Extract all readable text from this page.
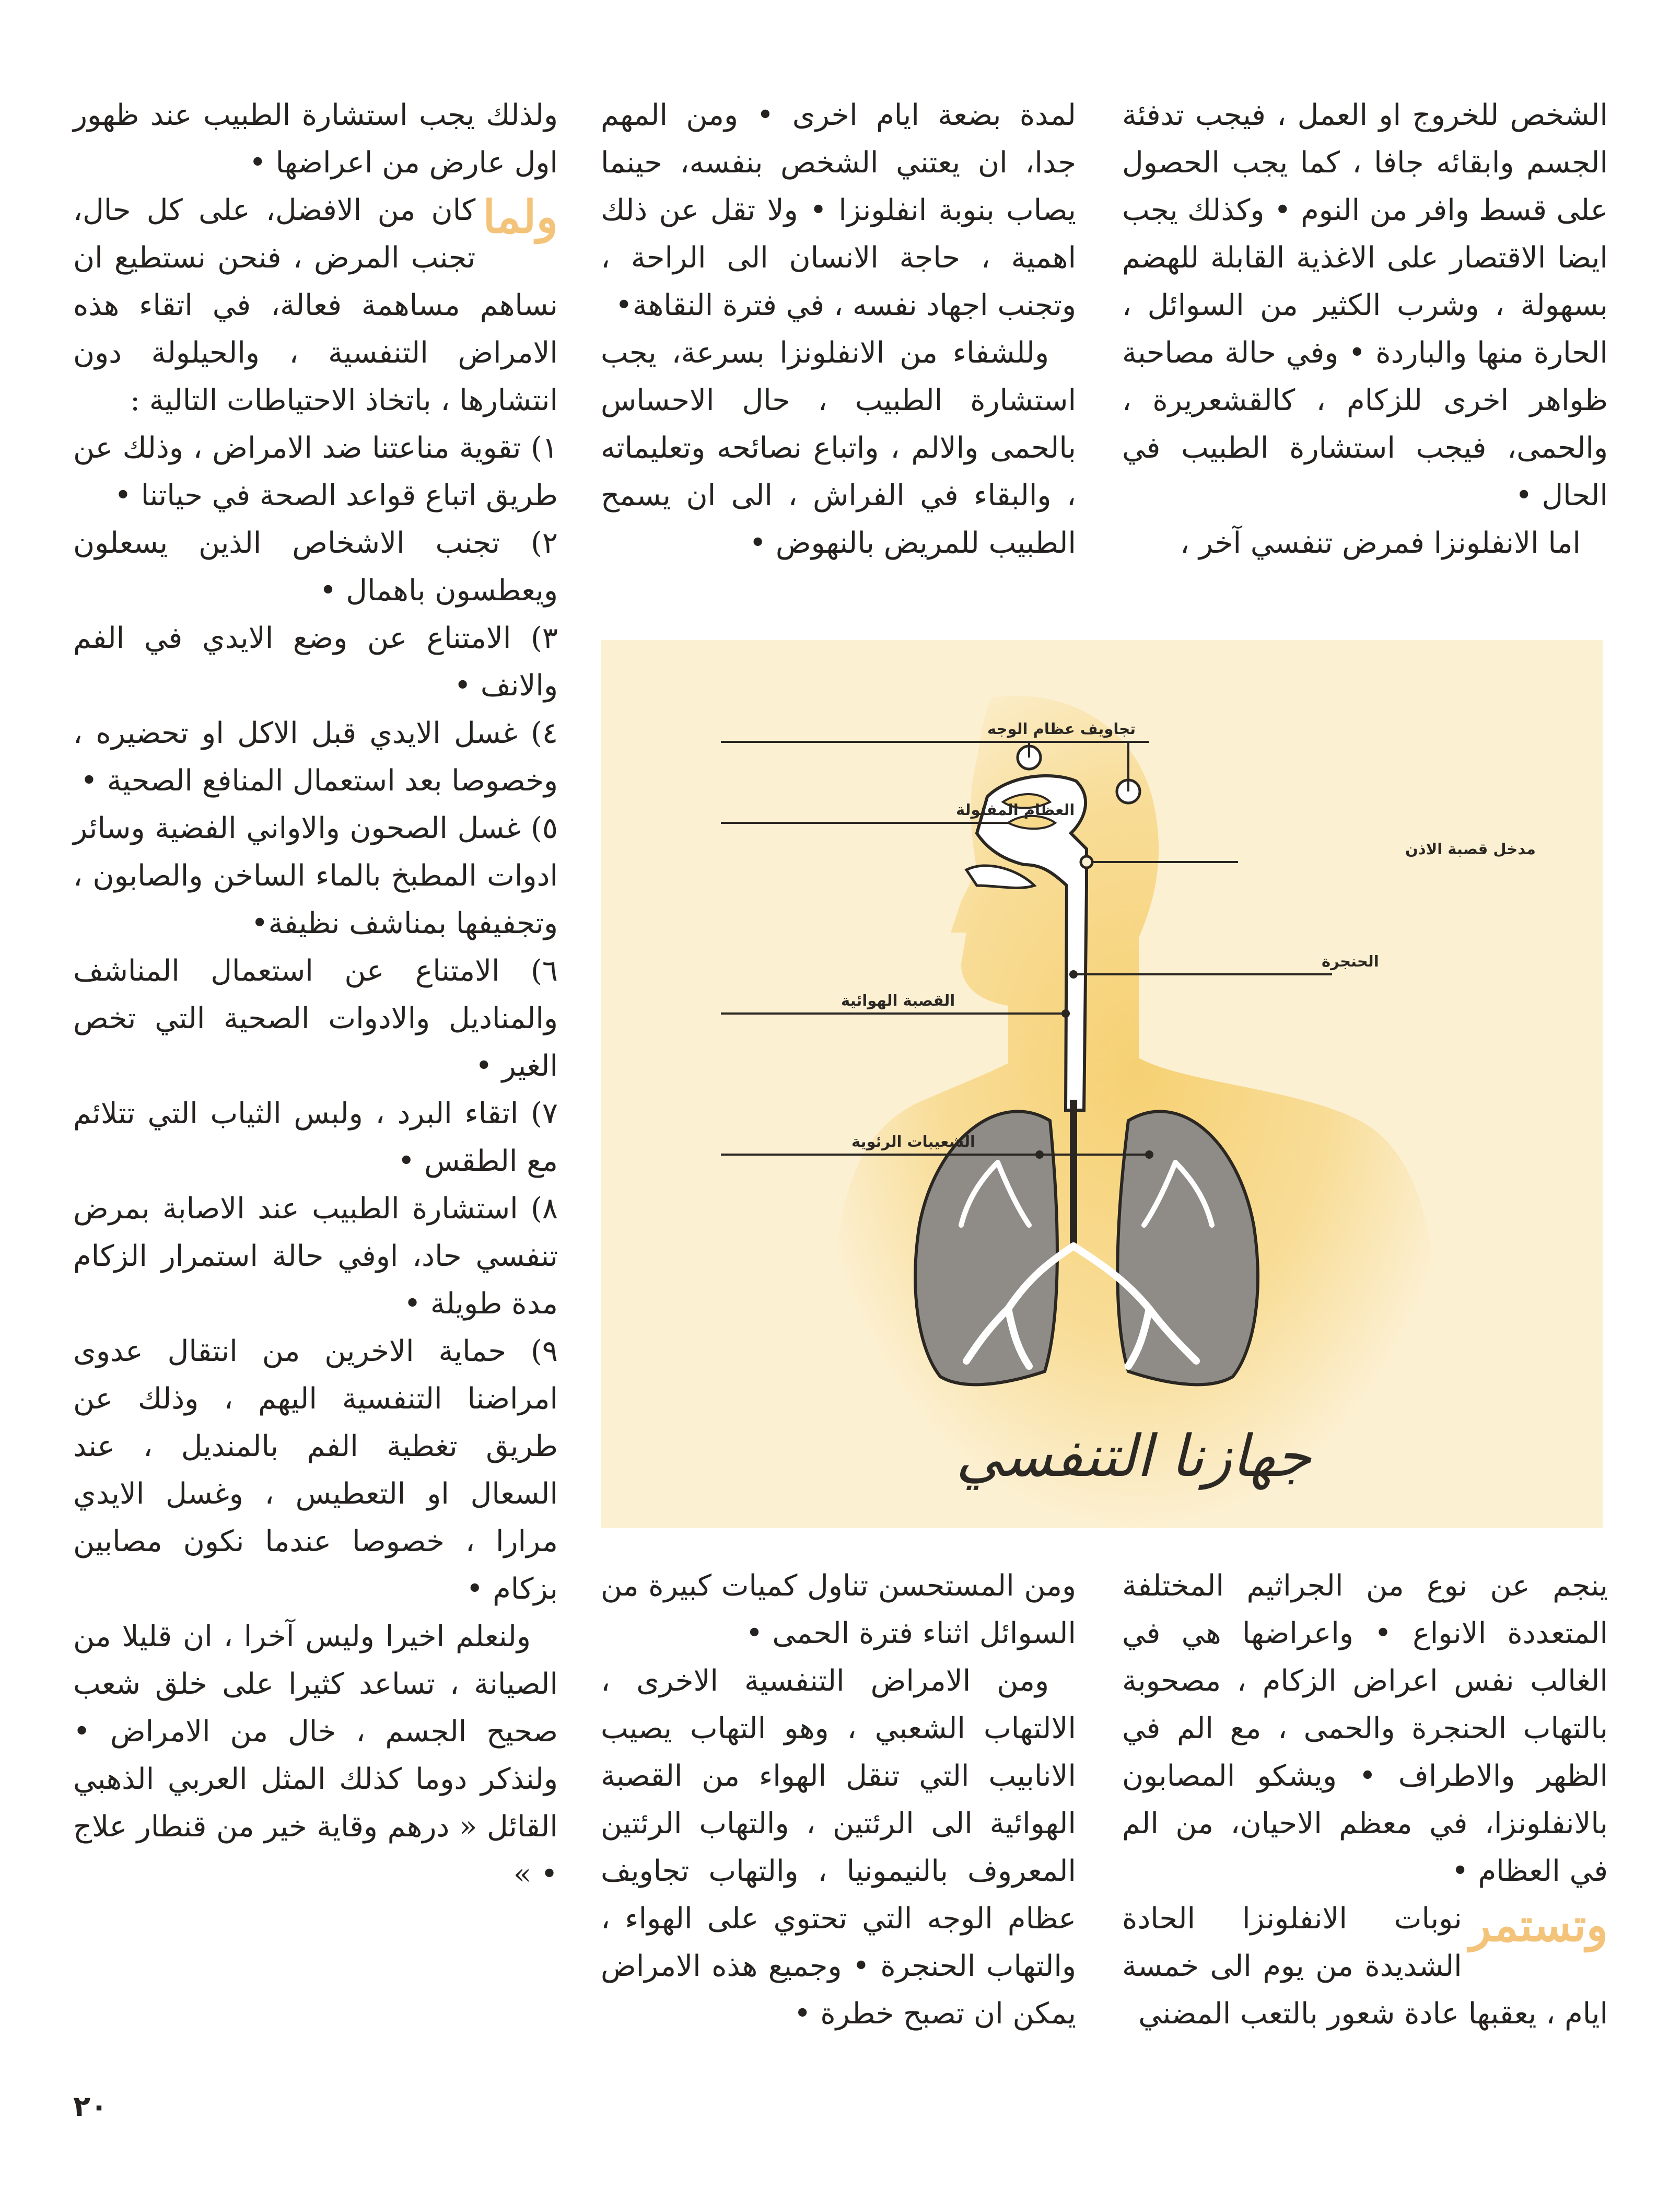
الشخص للخروج او العمل ، فيجب تدفئة الجسم وابقائه جافا ، كما يجب الحصول على قسط وافر من النوم • وكذلك يجب ايضا الاقتصار على الاغذية القابلة للهضم بسهولة ، وشرب الكثير من السوائل ، الحارة منها والباردة • وفي حالة مصاحبة ظواهر اخرى للزكام ، كالقشعريرة ، والحمى، فيجب استشارة الطبيب في الحال •

اما الانفلونزا فمرض تنفسي آخر ،

لمدة بضعة ايام اخرى • ومن المهم جدا، ان يعتني الشخص بنفسه، حينما يصاب بنوبة انفلونزا • ولا تقل عن ذلك اهمية ، حاجة الانسان الى الراحة ، وتجنب اجهاد نفسه ، في فترة النقاهة•

وللشفاء من الانفلونزا بسرعة، يجب استشارة الطبيب ، حال الاحساس بالحمى والالم ، واتباع نصائحه وتعليماته ، والبقاء في الفراش ، الى ان يسمح الطبيب للمريض بالنهوض •

ولذلك يجب استشارة الطبيب عند ظهور اول عارض من اعراضها •

ولما
كان من الافضل، على كل حال، تجنب المرض ، فنحن نستطيع ان نساهم مساهمة فعالة، في اتقاء هذه الامراض التنفسية ، والحيلولة دون انتشارها ، باتخاذ الاحتياطات التالية :

١) تقوية مناعتنا ضد الامراض ، وذلك عن طريق اتباع قواعد الصحة في حياتنا •

٢) تجنب الاشخاص الذين يسعلون ويعطسون باهمال •

٣) الامتناع عن وضع الايدي في الفم والانف •

٤) غسل الايدي قبل الاكل او تحضيره ، وخصوصا بعد استعمال المنافع الصحية •

٥) غسل الصحون والاواني الفضية وسائر ادوات المطبخ بالماء الساخن والصابون ، وتجفيفها بمناشف نظيفة•

٦) الامتناع عن استعمال المناشف والمناديل والادوات الصحية التي تخص الغير •

٧) اتقاء البرد ، ولبس الثياب التي تتلائم مع الطقس •

٨) استشارة الطبيب عند الاصابة بمرض تنفسي حاد، اوفي حالة استمرار الزكام مدة طويلة •

٩) حماية الاخرين من انتقال عدوى امراضنا التنفسية اليهم ، وذلك عن طريق تغطية الفم بالمنديل ، عند السعال او التعطيس ، وغسل الايدي مرارا ، خصوصا عندما نكون مصابين بزكام •

ولنعلم اخيرا وليس آخرا ، ان قليلا من الصيانة ، تساعد كثيرا على خلق شعب صحيح الجسم ، خال من الامراض • ولنذكر دوما كذلك المثل العربي الذهبي القائل « درهم وقاية خير من قنطار علاج • »

تجاويف عظام الوجه
العظام المفتولة
مدخل قصبة الاذن
الحنجرة
القصبة الهوائية
الشعيبات الرئوية
جهازنا التنفسي

ينجم عن نوع من الجراثيم المختلفة المتعددة الانواع • واعراضها هي في الغالب نفس اعراض الزكام ، مصحوبة بالتهاب الحنجرة والحمى ، مع الم في الظهر والاطراف • ويشكو المصابون بالانفلونزا، في معظم الاحيان، من الم في العظام •

وتستمر
نوبات الانفلونزا الحادة الشديدة من يوم الى خمسة ايام ، يعقبها عادة شعور بالتعب المضني

ومن المستحسن تناول كميات كبيرة من السوائل اثناء فترة الحمى •

ومن الامراض التنفسية الاخرى ، الالتهاب الشعبي ، وهو التهاب يصيب الانابيب التي تنقل الهواء من القصبة الهوائية الى الرئتين ، والتهاب الرئتين المعروف بالنيمونيا ، والتهاب تجاويف عظام الوجه التي تحتوي على الهواء ، والتهاب الحنجرة • وجميع هذه الامراض يمكن ان تصبح خطرة •

٢٠
